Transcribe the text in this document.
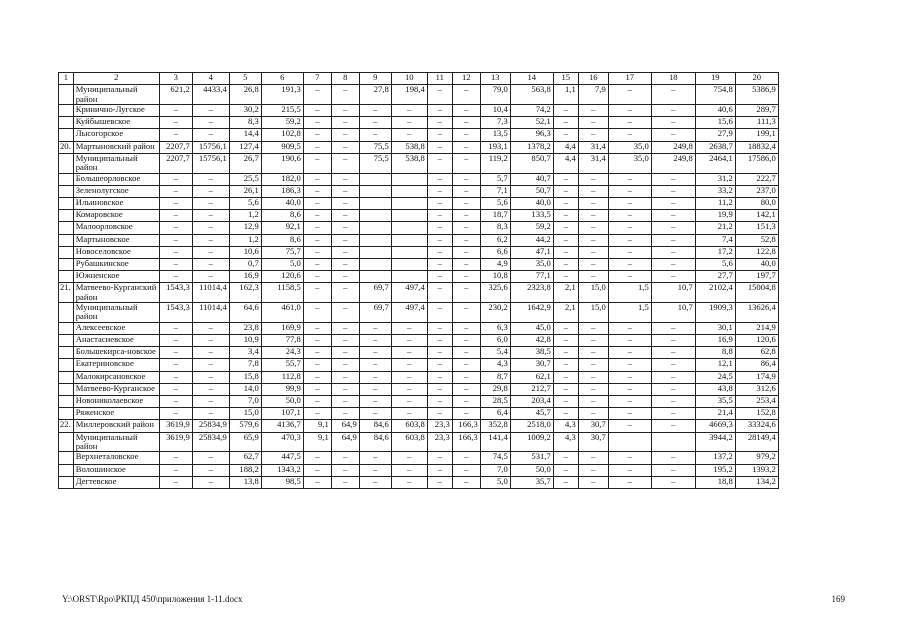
1	2	3	4	5	6	7	8	9	10	11	12	13	14	15	16	17	18	19	20
	Муниципальный район	621,2	4433,4	26,8	191,3	–	–	27,8	198,4	–	–	79,0	563,8	1,1	7,9	–	–	754,8	5386,9
	Кринично-Лугское	–	–	30,2	215,5	–	–	–	–	–	–	10,4	74,2	–	–	–	–	40,6	289,7
	Куйбышевское	–	–	8,3	59,2	–	–	–	–	–	–	7,3	52,1	–	–	–	–	15,6	111,3
	Лысогорское	–	–	14,4	102,8	–	–	–	–	–	–	13,5	96,3	–	–	–	–	27,9	199,1
20.	Мартыновский район	2207,7	15756,1	127,4	909,5	–	–	75,5	538,8	–	–	193,1	1378,2	4,4	31,4	35,0	249,8	2638,7	18832,4
	Муниципальный район	2207,7	15756,1	26,7	190,6	–	–	75,5	538,8	–	–	119,2	850,7	4,4	31,4	35,0	249,8	2464,1	17586,0
	Большеорловское	–	–	25,5	182,0	–	–			–	–	5,7	40,7	–	–	–	–	31,2	222,7
	Зеленолугское	–	–	26,1	186,3	–	–			–	–	7,1	50,7	–	–	–	–	33,2	237,0
	Ильиновское	–	–	5,6	40,0	–	–			–	–	5,6	40,0	–	–	–	–	11,2	80,0
	Комаровское	–	–	1,2	8,6	–	–			–	–	18,7	133,5	–	–	–	–	19,9	142,1
	Малоорловское	–	–	12,9	92,1	–	–			–	–	8,3	59,2	–	–	–	–	21,2	151,3
	Мартыновское	–	–	1,2	8,6	–	–			–	–	6,2	44,2	–	–	–	–	7,4	52,8
	Новоселовское	–	–	10,6	75,7	–	–			–	–	6,6	47,1	–	–	–	–	17,2	122,8
	Рубашкинское	–	–	0,7	5,0	–	–			–	–	4,9	35,0	–	–	–	–	5,6	40,0
	Южненское	–	–	16,9	120,6	–	–			–	–	10,8	77,1	–	–	–	–	27,7	197,7
21.	Матвеево-Курганский район	1543,3	11014,4	162,3	1158,5	–	–	69,7	497,4	–	–	325,6	2323,8	2,1	15,0	1,5	10,7	2102,4	15004,8
	Муниципальный район	1543,3	11014,4	64,6	461,0	–	–	69,7	497,4	–	–	230,2	1642,9	2,1	15,0	1,5	10,7	1909,3	13626,4
	Алексеевское	–	–	23,8	169,9	–	–	–	–	–	–	6,3	45,0	–	–	–	–	30,1	214,9
	Анастасиевское	–	–	10,9	77,8	–	–	–	–	–	–	6,0	42,8	–	–	–	–	16,9	120,6
	Большекирса-новское	–	–	3,4	24,3	–	–	–	–	–	–	5,4	38,5	–	–	–	–	8,8	62,8
	Екатериновское	–	–	7,8	55,7	–	–	–	–	–	–	4,3	30,7	–	–	–	–	12,1	86,4
	Малокирсановское	–	–	15,8	112,8	–	–	–	–	–	–	8,7	62,1	–	–	–	–	24,5	174,9
	Матвеево-Курганское	–	–	14,0	99,9	–	–	–	–	–	–	29,8	212,7	–	–	–	–	43,8	312,6
	Новониколаевское	–	–	7,0	50,0	–	–	–	–	–	–	28,5	203,4	–	–	–	–	35,5	253,4
	Ряженское	–	–	15,0	107,1	–	–	–	–	–	–	6,4	45,7	–	–	–	–	21,4	152,8
22.	Миллеровский район	3619,9	25834,9	579,6	4136,7	9,1	64,9	84,6	603,8	23,3	166,3	352,8	2518,0	4,3	30,7	–	–	4669,3	33324,6
	Муниципальный район	3619,9	25834,9	65,9	470,3	9,1	64,9	84,6	603,8	23,3	166,3	141,4	1009,2	4,3	30,7			3944,2	28149,4
	Верхнеталовское	–	–	62,7	447,5	–	–	–	–	–	–	74,5	531,7	–	–	–	–	137,2	979,2
	Волошинское	–	–	188,2	1343,2	–	–	–	–	–	–	7,0	50,0	–	–	–	–	195,2	1393,2
	Дегтевское	–	–	13,8	98,5	–	–	–	–	–	–	5,0	35,7	–	–	–	–	18,8	134,2
Y:\ORST\Rpo\РКПД 450\приложения 1-11.docx	169
